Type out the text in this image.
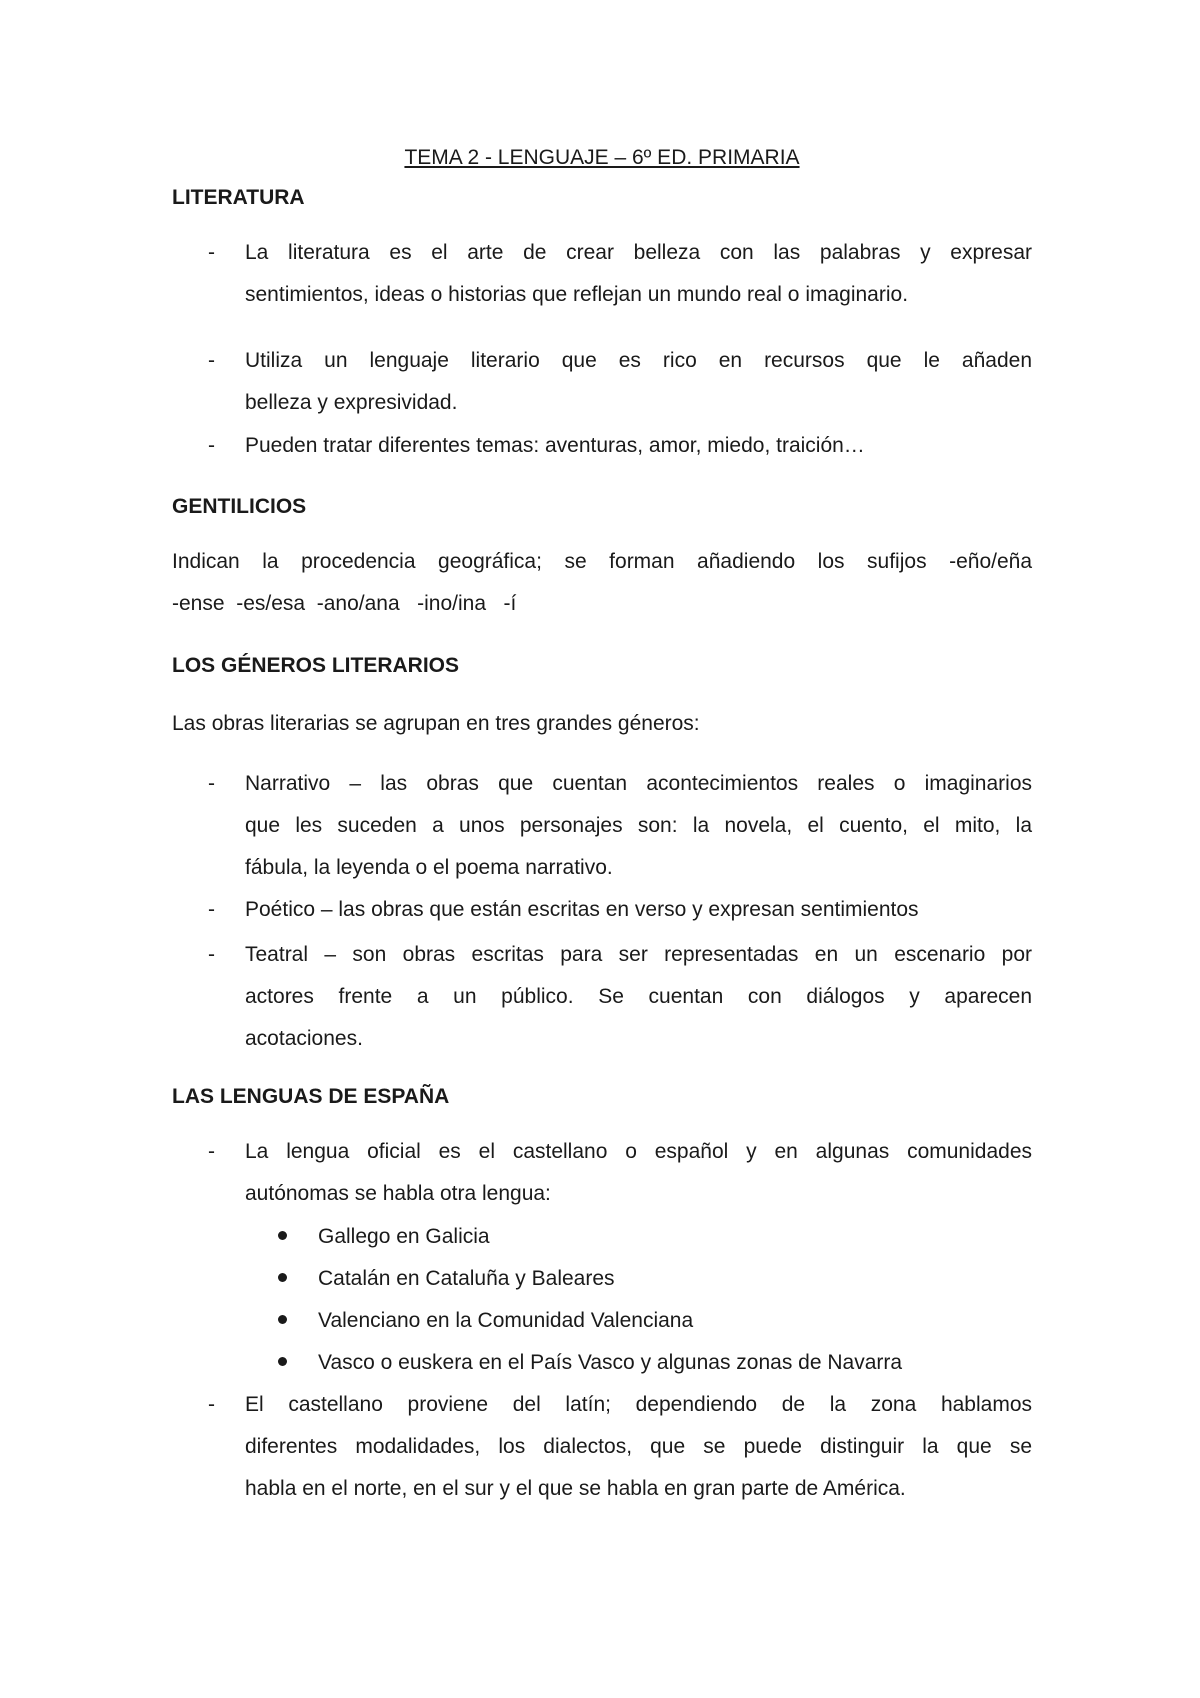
TEMA 2 - LENGUAJE – 6º ED. PRIMARIA
LITERATURA
- La literatura es el arte de crear belleza con las palabras y expresar
sentimientos, ideas o historias que reflejan un mundo real o imaginario.
- Utiliza un lenguaje literario que es rico en recursos que le añaden
belleza y expresividad.
- Pueden tratar diferentes temas: aventuras, amor, miedo, traición…
GENTILICIOS
Indican la procedencia geográfica; se forman añadiendo los sufijos -eño/eña
-ense  -es/esa  -ano/ana   -ino/ina   -í
LOS GÉNEROS LITERARIOS
Las obras literarias se agrupan en tres grandes géneros:
- Narrativo – las obras que cuentan acontecimientos reales o imaginarios
que les suceden a unos personajes son: la novela, el cuento, el mito, la
fábula, la leyenda o el poema narrativo.
- Poético – las obras que están escritas en verso y expresan sentimientos
- Teatral – son obras escritas para ser representadas en un escenario por
actores frente a un público. Se cuentan con diálogos y aparecen
acotaciones.
LAS LENGUAS DE ESPAÑA
- La lengua oficial es el castellano o español y en algunas comunidades
autónomas se habla otra lengua:
Gallego en Galicia
Catalán en Cataluña y Baleares
Valenciano en la Comunidad Valenciana
Vasco o euskera en el País Vasco y algunas zonas de Navarra
- El castellano proviene del latín; dependiendo de la zona hablamos
diferentes modalidades, los dialectos, que se puede distinguir la que se
habla en el norte, en el sur y el que se habla en gran parte de América.
